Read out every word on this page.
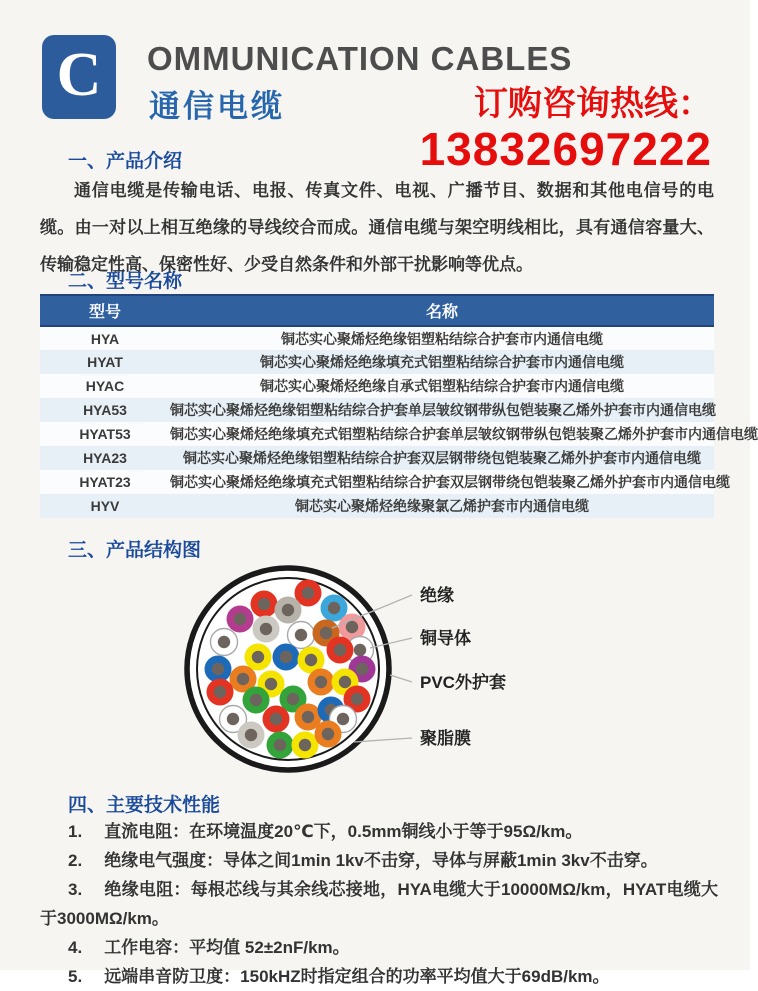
C OMMUNICATION CABLES
通信电缆	订购咨询热线：
13832697222
一、产品介绍
通信电缆是传输电话、电报、传真文件、电视、广播节目、数据和其他电信号的电缆。由一对以上相互绝缘的导线绞合而成。通信电缆与架空明线相比，具有通信容量大、传输稳定性高、保密性好、少受自然条件和外部干扰影响等优点。
二、型号名称
型号	名称
HYA	铜芯实心聚烯烃绝缘铝塑粘结综合护套市内通信电缆
HYAT	铜芯实心聚烯烃绝缘填充式铝塑粘结综合护套市内通信电缆
HYAC	铜芯实心聚烯烃绝缘自承式铝塑粘结综合护套市内通信电缆
HYA53	铜芯实心聚烯烃绝缘铝塑粘结综合护套单层皱纹钢带纵包铠装聚乙烯外护套市内通信电缆
HYAT53	铜芯实心聚烯烃绝缘填充式铝塑粘结综合护套单层皱纹钢带纵包铠装聚乙烯外护套市内通信电缆
HYA23	铜芯实心聚烯烃绝缘铝塑粘结综合护套双层钢带绕包铠装聚乙烯外护套市内通信电缆
HYAT23	铜芯实心聚烯烃绝缘填充式铝塑粘结综合护套双层钢带绕包铠装聚乙烯外护套市内通信电缆
HYV	铜芯实心聚烯烃绝缘聚氯乙烯护套市内通信电缆
三、产品结构图
绝缘
铜导体
PVC外护套
聚脂膜
四、主要技术性能
1. 直流电阻：在环境温度20℃下，0.5mm铜线小于等于95Ω/km。
2. 绝缘电气强度：导体之间1min 1kv不击穿，导体与屏蔽1min 3kv不击穿。
3. 绝缘电阻：每根芯线与其余线芯接地，HYA电缆大于10000MΩ/km，HYAT电缆大于3000MΩ/km。
4. 工作电容：平均值 52±2nF/km。
5. 远端串音防卫度：150kHZ时指定组合的功率平均值大于69dB/km。
